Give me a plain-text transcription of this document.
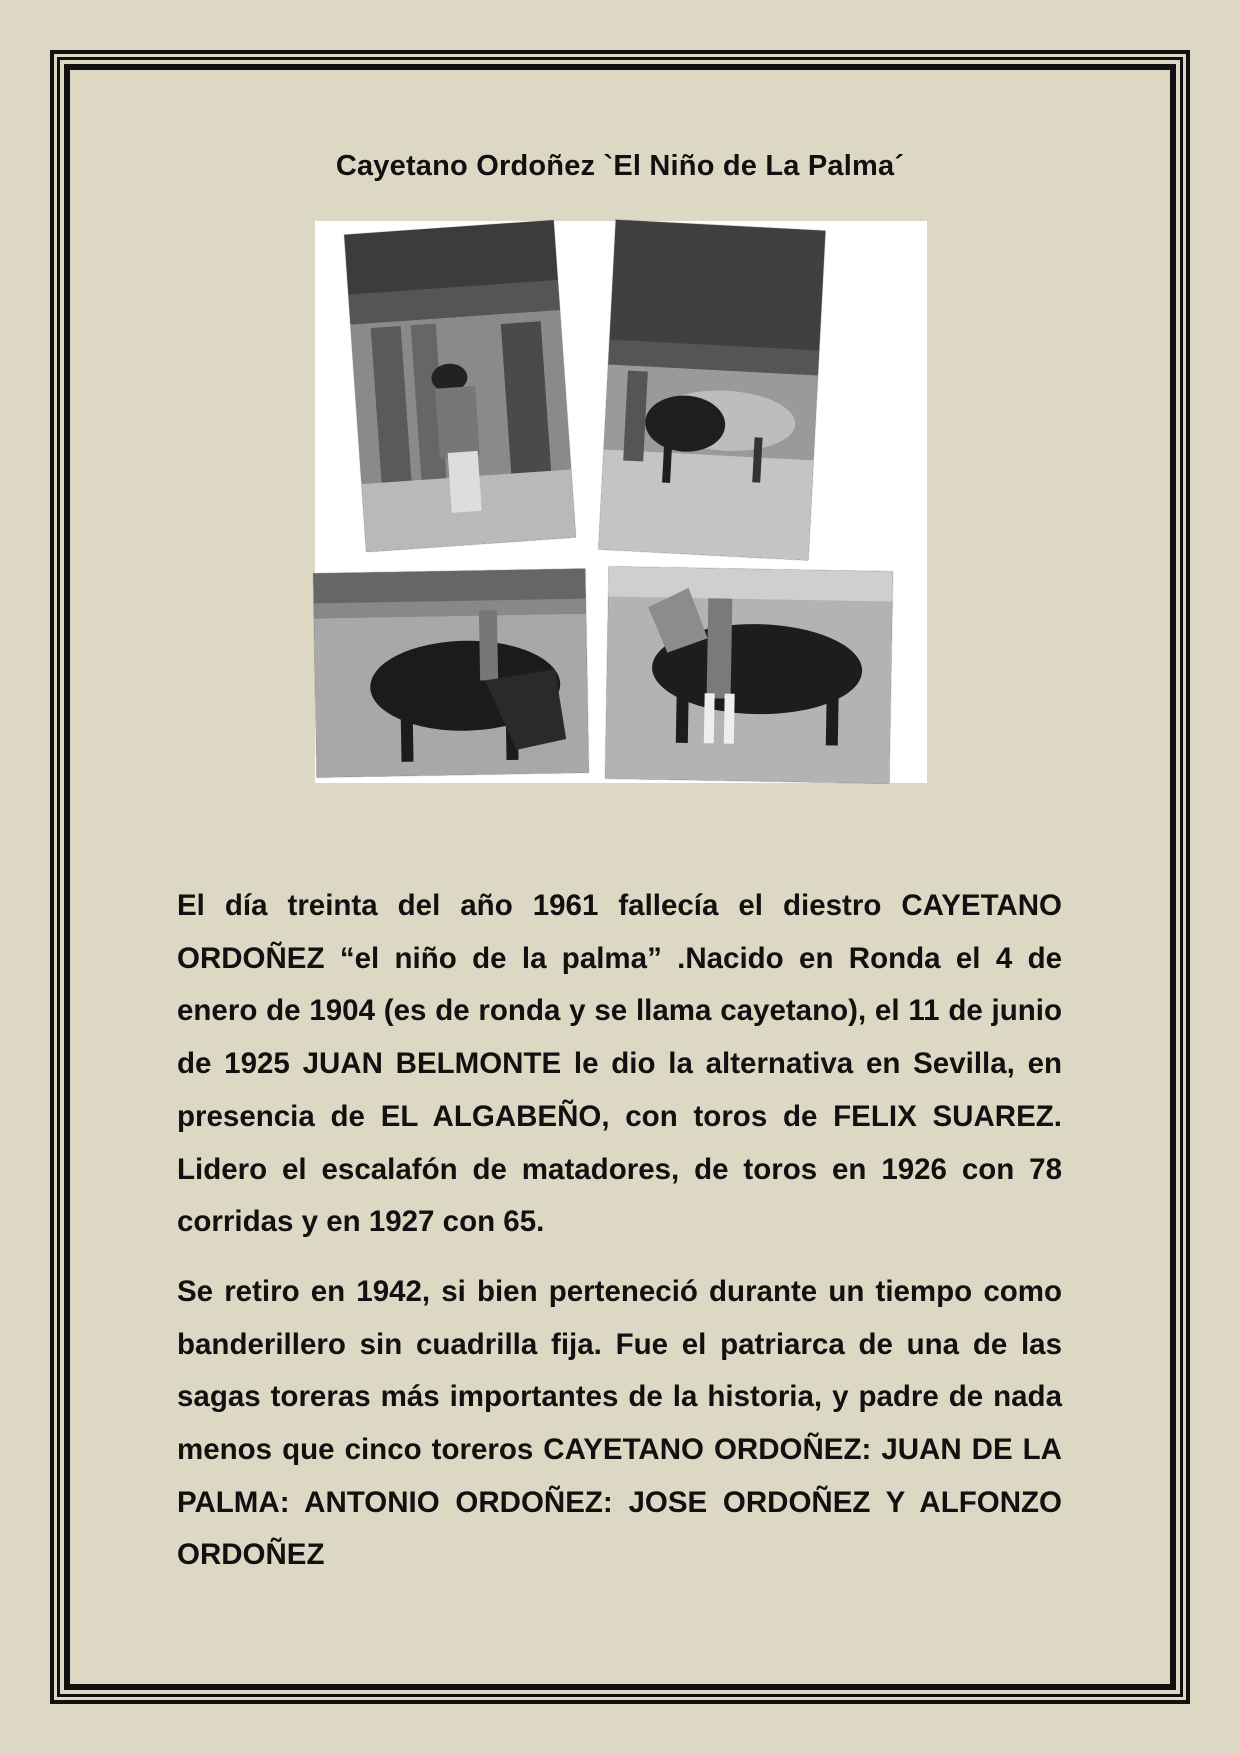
Cayetano Ordoñez `El Niño de La Palma´

El día treinta del año 1961 fallecía el diestro CAYETANO ORDOÑEZ “el niño de la palma” .Nacido en Ronda el 4 de enero de 1904 (es de ronda y se llama cayetano), el 11 de junio de 1925 JUAN BELMONTE le dio la alternativa en Sevilla, en presencia de EL ALGABEÑO, con toros de FELIX SUAREZ. Lidero el escalafón de matadores, de toros en 1926 con 78 corridas y en 1927 con 65.

Se retiro en 1942, si bien perteneció durante un tiempo como banderillero sin cuadrilla fija. Fue el patriarca de una de las sagas toreras más importantes de la historia, y padre de nada menos que cinco toreros CAYETANO ORDOÑEZ: JUAN DE LA PALMA: ANTONIO ORDOÑEZ: JOSE ORDOÑEZ Y ALFONZO ORDOÑEZ
